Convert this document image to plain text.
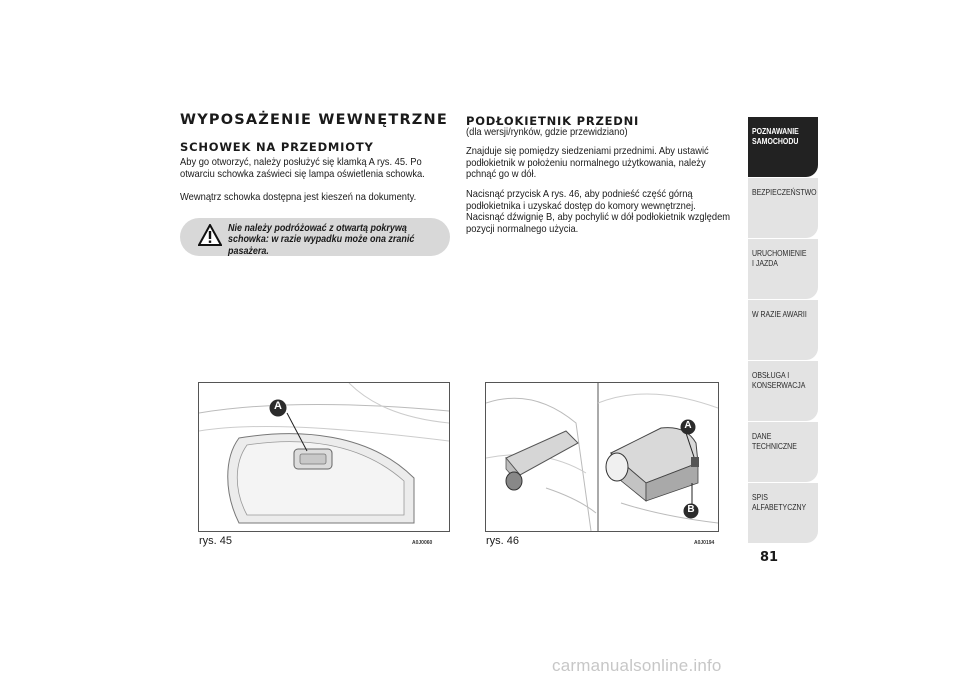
WYPOSAŻENIE WEWNĘTRZNE
SCHOWEK NA PRZEDMIOTY
Aby go otworzyć, należy posłużyć się klamką A rys. 45. Po otwarciu schowka zaświeci się lampa oświetlenia schowka.
Wewnątrz schowka dostępna jest kieszeń na dokumenty.
Nie należy podróżować z otwartą pokrywą schowka: w razie wypadku może ona zranić pasażera.
A
rys. 45	A0J0060
PODŁOKIETNIK PRZEDNI
(dla wersji/rynków, gdzie przewidziano)
Znajduje się pomiędzy siedzeniami przednimi. Aby ustawić podłokietnik w położeniu normalnego użytkowania, należy pchnąć go w dół.
Nacisnąć przycisk A rys. 46, aby podnieść część górną podłokietnika i uzyskać dostęp do komory wewnętrznej. Nacisnąć dźwignię B, aby pochylić w dół podłokietnik względem pozycji normalnego użycia.
A
B
rys. 46	A0J0194
POZNAWANIE SAMOCHODU
BEZPIECZEŃSTWO
URUCHOMIENIE I JAZDA
W RAZIE AWARII
OBSŁUGA I KONSERWACJA
DANE TECHNICZNE
SPIS ALFABETYCZNY
81
carmanualsonline.info
